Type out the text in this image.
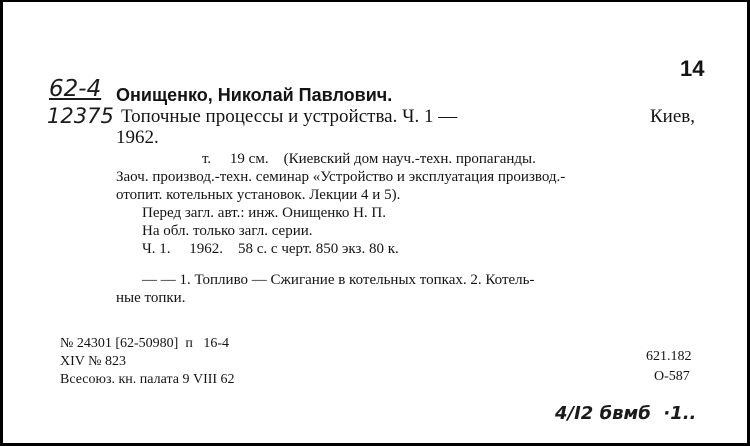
14
62-4
12375
Онищенко, Николай Павлович.
Топочные процессы и устройства. Ч. 1 —	Киев,
1962.
т.     19 см.    (Киевский дом науч.-техн. пропаганды.
Заоч. производ.-техн. семинар «Устройство и эксплуатация производ.-
отопит. котельных установок. Лекции 4 и 5).
Перед загл. авт.: инж. Онищенко Н. П.
На обл. только загл. серии.
Ч. 1.     1962.    58 с. с черт. 850 экз. 80 к.
— — 1. Топливо — Сжигание в котельных топках. 2. Котель-
ные топки.
№ 24301 [62-50980]  п   16-4
XIV № 823
Всесоюз. кн. палата 9 VIII 62
621.182
О-587
4/I2 бвмб  ·1..
